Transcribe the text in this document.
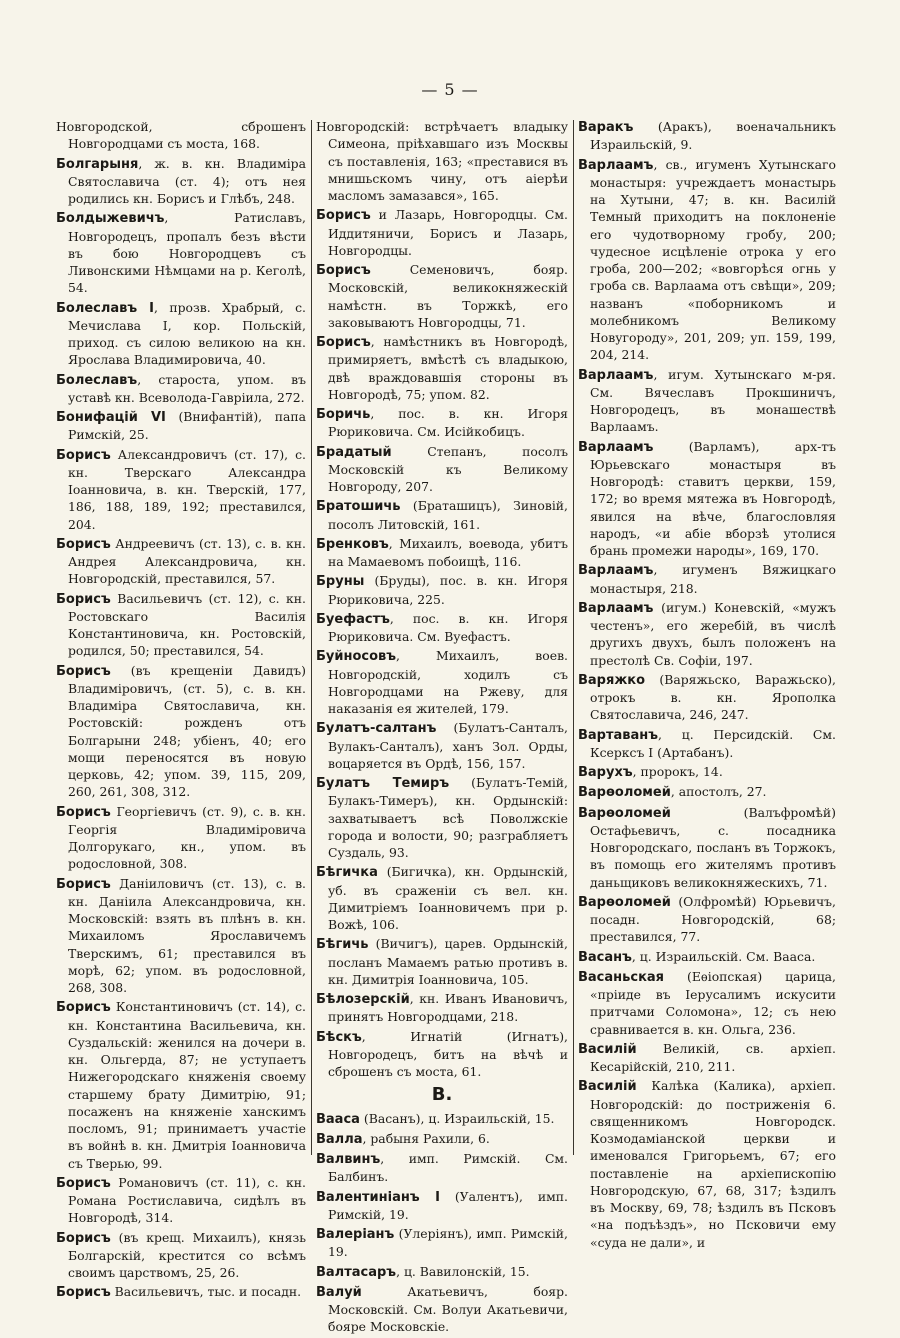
— 5 —
Новгородской, сброшенъ Новгородцами съ моста, 168.
Болгарыня, ж. в. кн. Владиміра Святославича (ст. 4); отъ нея родились кн. Борисъ и Глѣбъ, 248.
Болдыжевичъ, Ратиславъ, Новгородецъ, пропалъ безъ вѣсти въ бою Новгородцевъ съ Ливонскими Нѣмцами на р. Кеголѣ, 54.
Болеславъ I, прозв. Храбрый, с. Мечислава I, кор. Польскій, приход. съ силою великою на кн. Ярослава Владимировича, 40.
Болеславъ, староста, упом. въ уставѣ кн. Всеволода-Гавріила, 272.
Бонифацій VI (Внифантій), папа Римскій, 25.
Борисъ Александровичъ (ст. 17), с. кн. Тверскаго Александра Іоанновича, в. кн. Тверскій, 177, 186, 188, 189, 192; преставился, 204.
Борисъ Андреевичъ (ст. 13), с. в. кн. Андрея Александровича, кн. Новгородскій, преставился, 57.
Борисъ Васильевичъ (ст. 12), с. кн. Ростовскаго Василія Константиновича, кн. Ростовскій, родился, 50; преставился, 54.
Борисъ (въ крещеніи Давидъ) Владиміровичъ, (ст. 5), с. в. кн. Владиміра Святославича, кн. Ростовскій: рожденъ отъ Болгарыни 248; убіенъ, 40; его мощи переносятся въ новую церковь, 42; упом. 39, 115, 209, 260, 261, 308, 312.
Борисъ Георгіевичъ (ст. 9), с. в. кн. Георгія Владиміровича Долгорукаго, кн., упом. въ родословной, 308.
Борисъ Даніиловичъ (ст. 13), с. в. кн. Даніила Александровича, кн. Московскій: взять въ плѣнъ в. кн. Михаиломъ Ярославичемъ Тверскимъ, 61; преставился въ морѣ, 62; упом. въ родословной, 268, 308.
Борисъ Константиновичъ (ст. 14), с. кн. Константина Васильевича, кн. Суздальскій: женился на дочери в. кн. Ольгерда, 87; не уступаетъ Нижегородскаго княженія своему старшему брату Димитрію, 91; посаженъ на княженіе ханскимъ посломъ, 91; принимаетъ участіе въ войнѣ в. кн. Дмитрія Іоанновича съ Тверью, 99.
Борисъ Романовичъ (ст. 11), с. кн. Романа Ростиславича, сидѣлъ въ Новгородѣ, 314.
Борисъ (въ крещ. Михаилъ), князь Болгарскій, крестится со всѣмъ своимъ царствомъ, 25, 26.
Борисъ Васильевичъ, тыс. и посадн.
Новгородскій: встрѣчаетъ владыку Симеона, пріѣхавшаго изъ Москвы съ поставленія, 163; «преставися въ мнишьскомъ чину, отъ аіерѣи масломъ замазався», 165.
Борисъ и Лазарь, Новгородцы. См. Иддитяничи, Борисъ и Лазарь, Новгородцы.
Борисъ Семеновичъ, бояр. Московскій, великокняжескій намѣстн. въ Торжкѣ, его заковываютъ Новгородцы, 71.
Борисъ, намѣстникъ въ Новгородѣ, примиряетъ, вмѣстѣ съ владыкою, двѣ враждовавшія стороны въ Новгородѣ, 75; упом. 82.
Боричь, пос. в. кн. Игоря Рюриковича. См. Исійкобицъ.
Брадатый Степанъ, посолъ Московскій къ Великому Новгороду, 207.
Братошичь (Браташицъ), Зиновій, посолъ Литовскій, 161.
Бренковъ, Михаилъ, воевода, убитъ на Мамаевомъ побоищѣ, 116.
Бруны (Бруды), пос. в. кн. Игоря Рюриковича, 225.
Буефастъ, пос. в. кн. Игоря Рюриковича. См. Вуефастъ.
Буйносовъ, Михаилъ, воев. Новгородскій, ходилъ съ Новгородцами на Ржеву, для наказанія ея жителей, 179.
Булатъ-салтанъ (Булатъ-Санталъ, Вулакъ-Санталъ), ханъ Зол. Орды, воцаряется въ Ордѣ, 156, 157.
Булатъ Темиръ (Булатъ-Темій, Булакъ-Тимеръ), кн. Ордынскій: захватываетъ всѣ Поволжскіе города и волости, 90; разграбляетъ Суздаль, 93.
Бѣгичка (Бигичка), кн. Ордынскій, уб. въ сраженіи съ вел. кн. Димитріемъ Іоанновичемъ при р. Вожѣ, 106.
Бѣгичь (Вичигъ), царев. Ордынскій, посланъ Мамаемъ ратью противъ в. кн. Димитрія Іоанновича, 105.
Бѣлозерскій, кн. Иванъ Ивановичъ, принятъ Новгородцами, 218.
Бѣскъ, Игнатій (Игнатъ), Новгородецъ, битъ на вѣчѣ и сброшенъ съ моста, 61.
В.
Вааса (Васанъ), ц. Израильскій, 15.
Валла, рабыня Рахили, 6.
Валвинъ, имп. Римскій. См. Балбинъ.
Валентиніанъ I (Уалентъ), имп. Римскій, 19.
Валеріанъ (Улеріянъ), имп. Римскій, 19.
Валтасаръ, ц. Вавилонскій, 15.
Валуй Акатьевичъ, бояр. Московскій. См. Волуи Акатьевичи, бояре Московскіе.
Варакъ (Аракъ), военачальникъ Израильскій, 9.
Варлаамъ, св., игуменъ Хутынскаго монастыря: учреждаетъ монастырь на Хутыни, 47; в. кн. Василій Темный приходитъ на поклоненіе его чудотворному гробу, 200; чудесное исцѣленіе отрока у его гроба, 200—202; «вовгорѣся огнь у гроба св. Варлаама отъ свѣщи», 209; названъ «поборникомъ и молебникомъ Великому Новугороду», 201, 209; уп. 159, 199, 204, 214.
Варлаамъ, игум. Хутынскаго м-ря. См. Вячеславъ Прокшиничъ, Новгородецъ, въ монашествѣ Варлаамъ.
Варлаамъ (Варламъ), арх-тъ Юрьевскаго монастыря въ Новгородѣ: ставитъ церкви, 159, 172; во время мятежа въ Новгородѣ, явился на вѣче, благословляя народъ, «и абіе вборзѣ утолися брань промежи народы», 169, 170.
Варлаамъ, игуменъ Вяжицкаго монастыря, 218.
Варлаамъ (игум.) Коневскій, «мужъ честенъ», его жеребій, въ числѣ другихъ двухъ, былъ положенъ на престолѣ Св. Софіи, 197.
Варяжко (Варяжьско, Варажьско), отрокъ в. кн. Ярополка Святославича, 246, 247.
Вартаванъ, ц. Персидскій. См. Ксерксъ I (Артабанъ).
Варухъ, пророкъ, 14.
Варѳоломей, апостолъ, 27.
Варѳоломей (Валъфромѣй) Остафьевичъ, с. посадника Новгородскаго, посланъ въ Торжокъ, въ помощь его жителямъ противъ даньщиковъ великокняжескихъ, 71.
Варѳоломей (Олфромѣй) Юрьевичъ, посадн. Новгородскій, 68; преставился, 77.
Васанъ, ц. Израильскій. См. Вааса.
Васаньская (Еѳіопская) царица, «пріиде въ Іерусалимъ искусити притчами Соломона», 12; съ нею сравнивается в. кн. Ольга, 236.
Василій Великій, св. архіеп. Кесарійскій, 210, 211.
Василій Калѣка (Калика), архіеп. Новгородскій: до постриженія 6. священникомъ Новгородск. Козмодаміанской церкви и именовался Григорьемъ, 67; его поставленіе на архіепископію Новгородскую, 67, 68, 317; ѣздилъ въ Москву, 69, 78; ѣздилъ въ Псковъ «на подъѣздъ», но Псковичи ему «суда не дали», и
